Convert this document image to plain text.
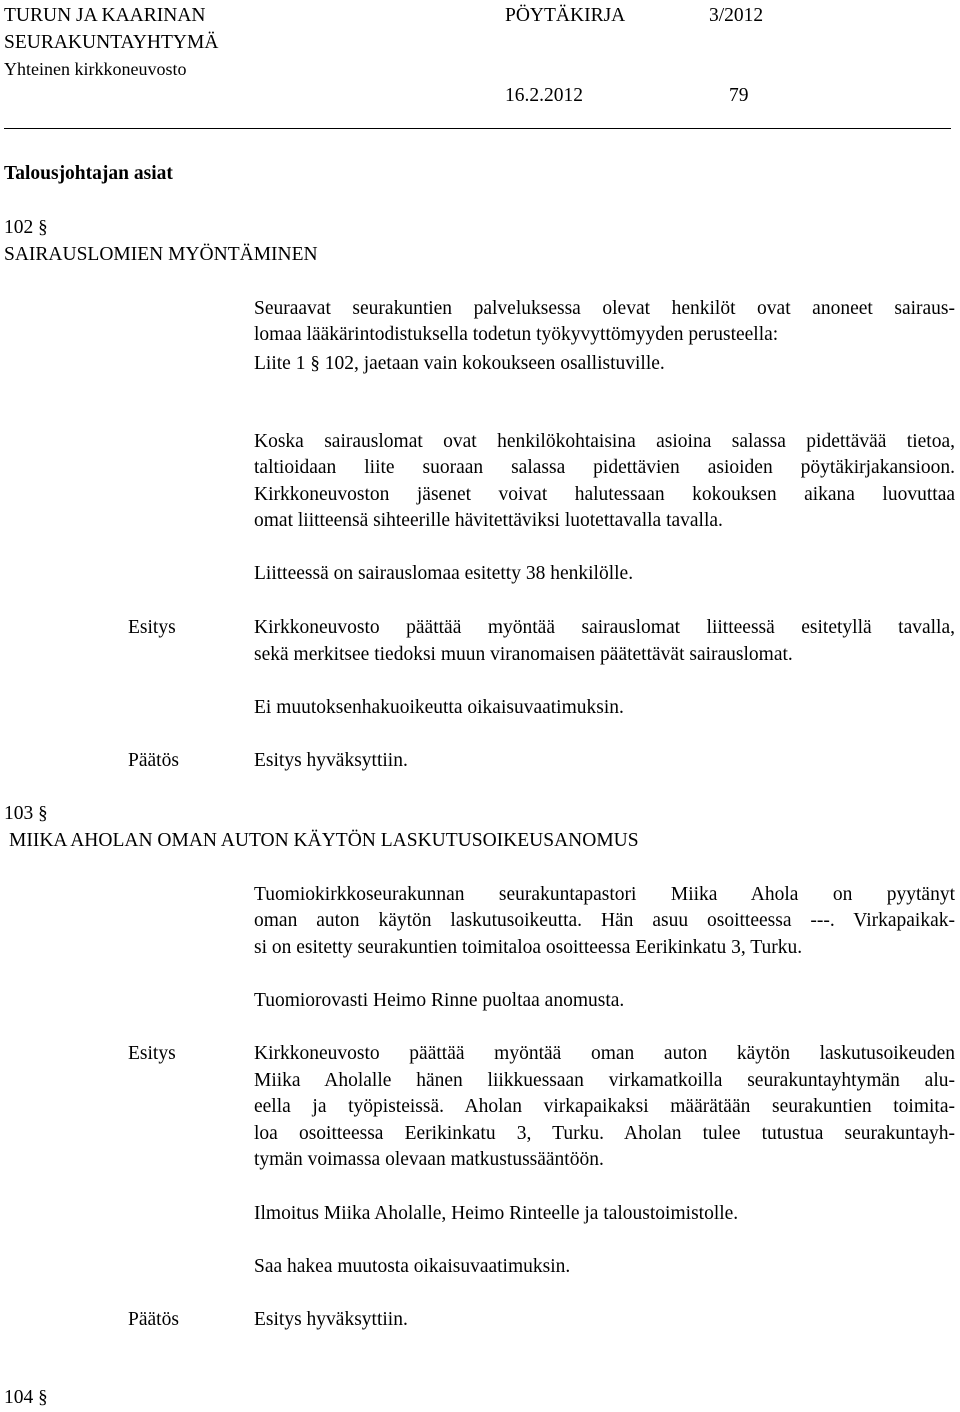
TURUN JA KAARINAN
SEURAKUNTAYHTYMÄ
Yhteinen kirkkoneuvosto
PÖYTÄKIRJA	3/2012
16.2.2012	79
Talousjohtajan asiat
102 §
SAIRAUSLOMIEN MYÖNTÄMINEN
Seuraavat seurakuntien palveluksessa olevat henkilöt ovat anoneet sairaus-
lomaa lääkärintodistuksella todetun työkyvyttömyyden perusteella:
Liite 1 § 102, jaetaan vain kokoukseen osallistuville.
Koska sairauslomat ovat henkilökohtaisina asioina salassa pidettävää tietoa,
taltioidaan liite suoraan salassa pidettävien asioiden pöytäkirjakansioon.
Kirkkoneuvoston jäsenet voivat halutessaan kokouksen aikana luovuttaa
omat liitteensä sihteerille hävitettäviksi luotettavalla tavalla.
Liitteessä on sairauslomaa esitetty 38 henkilölle.
Esitys	Kirkkoneuvosto päättää myöntää sairauslomat liitteessä esitetyllä tavalla,
sekä merkitsee tiedoksi muun viranomaisen päätettävät sairauslomat.
Ei muutoksenhakuoikeutta oikaisuvaatimuksin.
Päätös	Esitys hyväksyttiin.
103 §
MIIKA AHOLAN OMAN AUTON KÄYTÖN LASKUTUSOIKEUSANOMUS
Tuomiokirkkoseurakunnan seurakuntapastori Miika Ahola on pyytänyt
oman auton käytön laskutusoikeutta. Hän asuu osoitteessa ---. Virkapaikak-
si on esitetty seurakuntien toimitaloa osoitteessa Eerikinkatu 3, Turku.
Tuomiorovasti Heimo Rinne puoltaa anomusta.
Esitys	Kirkkoneuvosto päättää myöntää oman auton käytön laskutusoikeuden
Miika Aholalle hänen liikkuessaan virkamatkoilla seurakuntayhtymän alu-
eella ja työpisteissä. Aholan virkapaikaksi määrätään seurakuntien toimita-
loa osoitteessa Eerikinkatu 3, Turku. Aholan tulee tutustua seurakuntayh-
tymän voimassa olevaan matkustussääntöön.
Ilmoitus Miika Aholalle, Heimo Rinteelle ja taloustoimistolle.
Saa hakea muutosta oikaisuvaatimuksin.
Päätös	Esitys hyväksyttiin.
104 §
